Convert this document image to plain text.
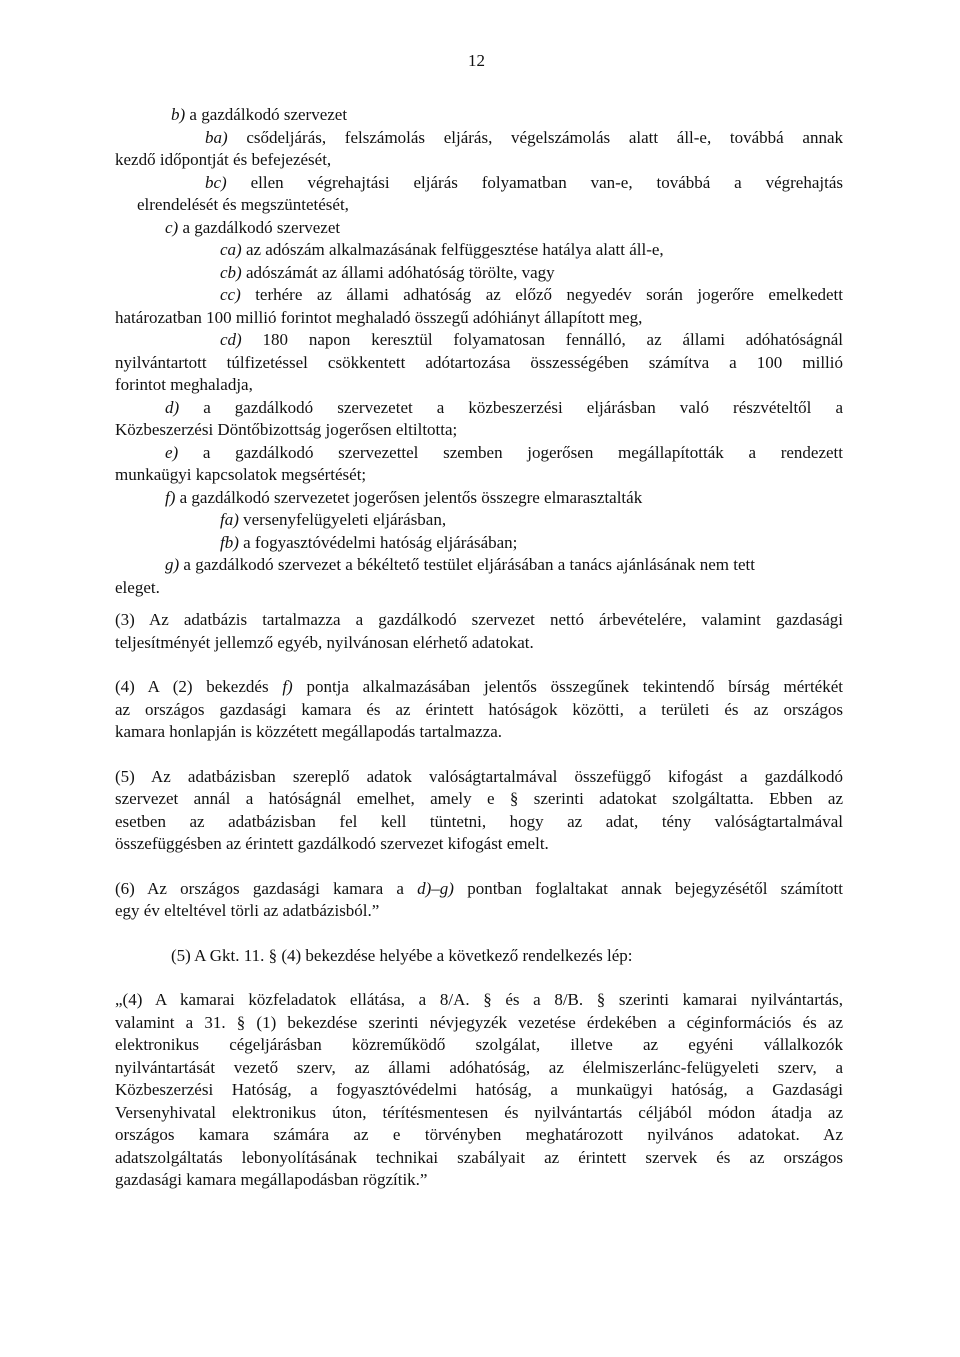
12
b) a gazdálkodó szervezet
ba) csődeljárás, felszámolás eljárás, végelszámolás alatt áll-e, továbbá annak
kezdő időpontját és befejezését,
bc) ellen végrehajtási eljárás folyamatban van-e, továbbá a végrehajtás
elrendelését és megszüntetését,
c) a gazdálkodó szervezet
ca) az adószám alkalmazásának felfüggesztése hatálya alatt áll-e,
cb) adószámát az állami adóhatóság törölte, vagy
cc) terhére az állami adhatóság az előző negyedév során jogerőre emelkedett
határozatban 100 millió forintot meghaladó összegű adóhiányt állapított meg,
cd) 180 napon keresztül folyamatosan fennálló, az állami adóhatóságnál
nyilvántartott túlfizetéssel csökkentett adótartozása összességében számítva a 100 millió
forintot meghaladja,
d) a gazdálkodó szervezetet a közbeszerzési eljárásban való részvételtől a
Közbeszerzési Döntőbizottság jogerősen eltiltotta;
e) a gazdálkodó szervezettel szemben jogerősen megállapították a rendezett
munkaügyi kapcsolatok megsértését;
f) a gazdálkodó szervezetet jogerősen jelentős összegre elmarasztalták
fa) versenyfelügyeleti eljárásban,
fb) a fogyasztóvédelmi hatóság eljárásában;
g) a gazdálkodó szervezet a békéltető testület eljárásában a tanács ajánlásának nem tett
eleget.
(3) Az adatbázis tartalmazza a gazdálkodó szervezet nettó árbevételére, valamint gazdasági
teljesítményét jellemző egyéb, nyilvánosan elérhető adatokat.
(4) A (2) bekezdés f) pontja alkalmazásában jelentős összegűnek tekintendő bírság mértékét
az országos gazdasági kamara és az érintett hatóságok közötti, a területi és az országos
kamara honlapján is közzétett megállapodás tartalmazza.
(5) Az adatbázisban szereplő adatok valóságtartalmával összefüggő kifogást a gazdálkodó
szervezet annál a hatóságnál emelhet, amely e § szerinti adatokat szolgáltatta. Ebben az
esetben az adatbázisban fel kell tüntetni, hogy az adat, tény valóságtartalmával
összefüggésben az érintett gazdálkodó szervezet kifogást emelt.
(6) Az országos gazdasági kamara a d)–g) pontban foglaltakat annak bejegyzésétől számított
egy év elteltével törli az adatbázisból.”
(5) A Gkt. 11. § (4) bekezdése helyébe a következő rendelkezés lép:
„(4) A kamarai közfeladatok ellátása, a 8/A. § és a 8/B. § szerinti kamarai nyilvántartás,
valamint a 31. § (1) bekezdése szerinti névjegyzék vezetése érdekében a céginformációs és az
elektronikus cégeljárásban közreműködő szolgálat, illetve az egyéni vállalkozók
nyilvántartását vezető szerv, az állami adóhatóság, az élelmiszerlánc-felügyeleti szerv, a
Közbeszerzési Hatóság, a fogyasztóvédelmi hatóság, a munkaügyi hatóság, a Gazdasági
Versenyhivatal elektronikus úton, térítésmentesen és nyilvántartás céljából módon átadja az
országos kamara számára az e törvényben meghatározott nyilvános adatokat. Az
adatszolgáltatás lebonyolításának technikai szabályait az érintett szervek és az országos
gazdasági kamara megállapodásban rögzítik.”
